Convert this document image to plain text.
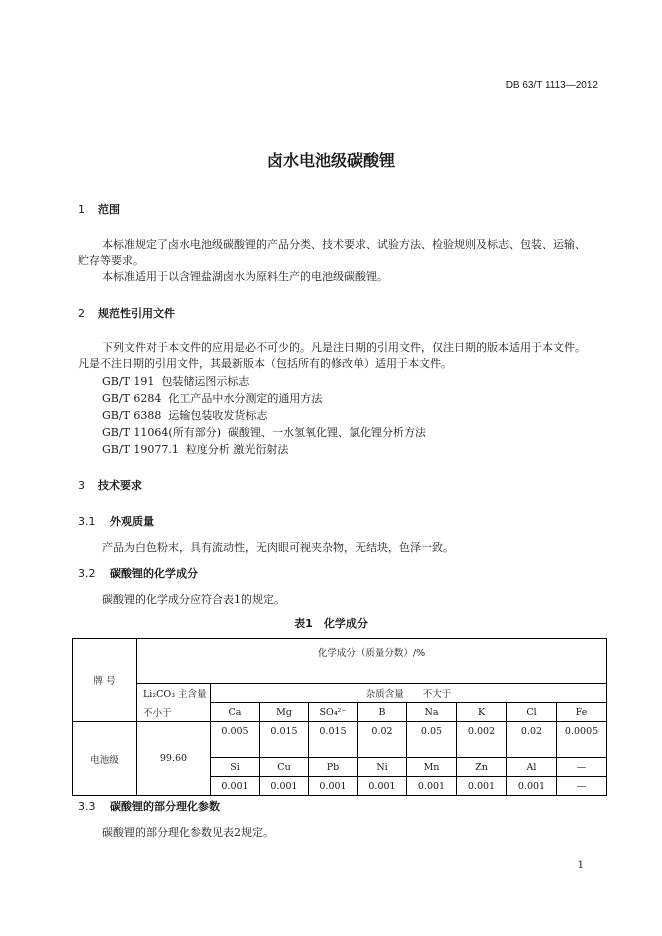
DB 63/T 1113—2012
卤水电池级碳酸锂
1 范围
本标准规定了卤水电池级碳酸锂的产品分类、技术要求、试验方法、检验规则及标志、包装、运输、
贮存等要求。
本标准适用于以含锂盐湖卤水为原料生产的电池级碳酸锂。
2 规范性引用文件
下列文件对于本文件的应用是必不可少的。凡是注日期的引用文件，仅注日期的版本适用于本文件。
凡是不注日期的引用文件，其最新版本（包括所有的修改单）适用于本文件。
GB/T 191 包装储运图示标志
GB/T 6284 化工产品中水分测定的通用方法
GB/T 6388 运输包装收发货标志
GB/T 11064(所有部分) 碳酸锂、一水氢氧化锂、氯化锂分析方法
GB/T 19077.1 粒度分析 激光衍射法
3 技术要求
3.1 外观质量
产品为白色粉末，具有流动性，无肉眼可视夹杂物，无结块，色泽一致。
3.2 碳酸锂的化学成分
碳酸锂的化学成分应符合表1的规定。
表1　化学成分
牌 号	化学成分（质量分数）/%								
	Li₂CO₃ 主含量	杂质含量　　不大于							
	不小于	Ca	Mg	SO₄²⁻	B	Na	K	Cl	Fe
电池级	99.60	0.005	0.015	0.015	0.02	0.05	0.002	0.02	0.0005
		Si	Cu	Pb	Ni	Mn	Zn	Al	—
		0.001	0.001	0.001	0.001	0.001	0.001	0.001	—
3.3 碳酸锂的部分理化参数
碳酸锂的部分理化参数见表2规定。
1
